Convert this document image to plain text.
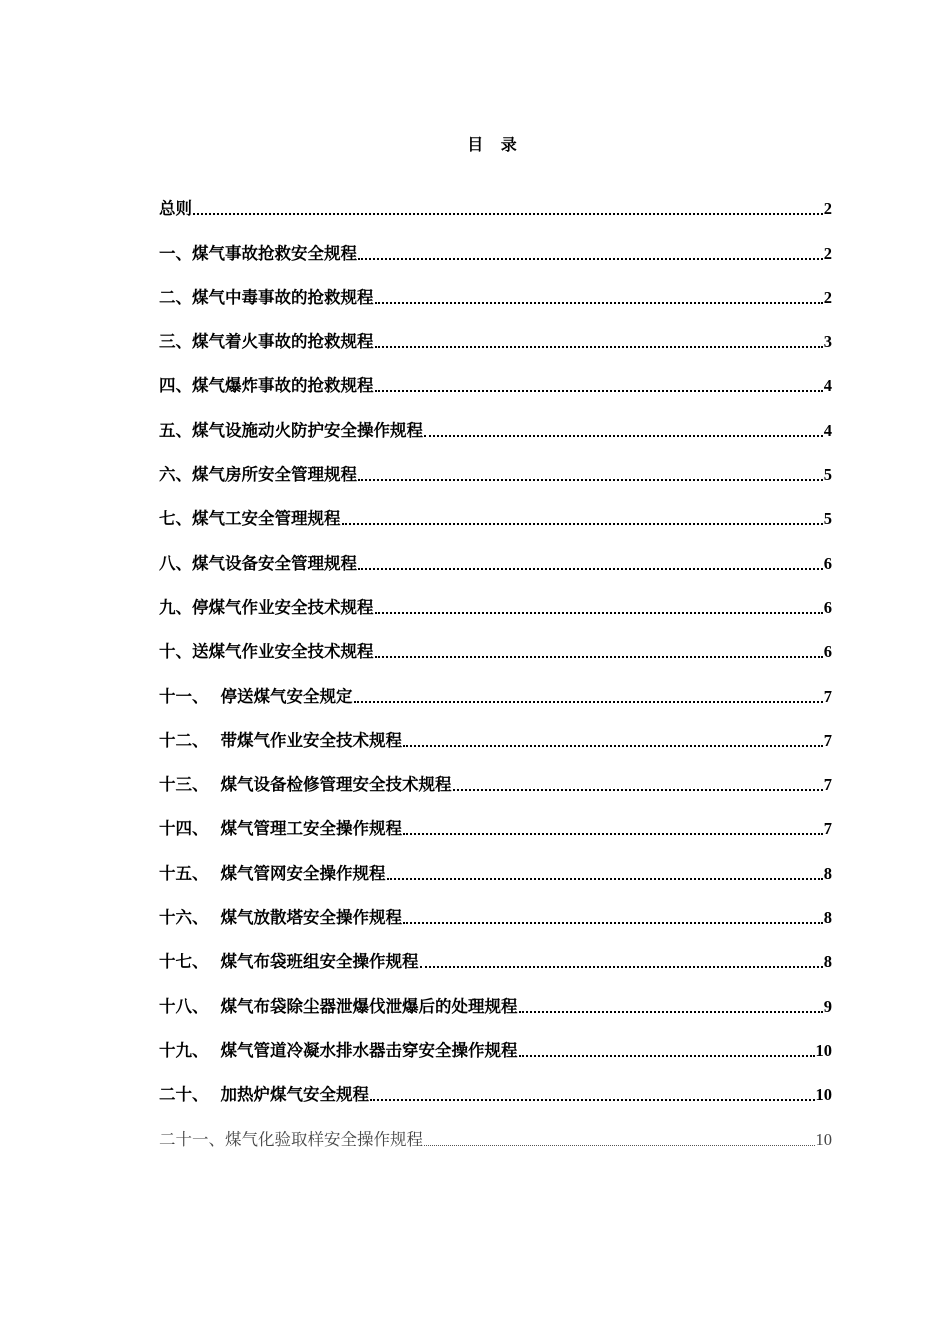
目 录
总则	2
一、煤气事故抢救安全规程	2
二、煤气中毒事故的抢救规程	2
三、煤气着火事故的抢救规程	3
四、煤气爆炸事故的抢救规程	4
五、煤气设施动火防护安全操作规程	4
六、煤气房所安全管理规程	5
七、煤气工安全管理规程	5
八、煤气设备安全管理规程	6
九、停煤气作业安全技术规程	6
十、送煤气作业安全技术规程	6
十一、 停送煤气安全规定	7
十二、 带煤气作业安全技术规程	7
十三、 煤气设备检修管理安全技术规程	7
十四、 煤气管理工安全操作规程	7
十五、 煤气管网安全操作规程	8
十六、 煤气放散塔安全操作规程	8
十七、 煤气布袋班组安全操作规程	8
十八、 煤气布袋除尘器泄爆伐泄爆后的处理规程	9
十九、 煤气管道冷凝水排水器击穿安全操作规程	10
二十、 加热炉煤气安全规程	10
二十一、煤气化验取样安全操作规程	10
